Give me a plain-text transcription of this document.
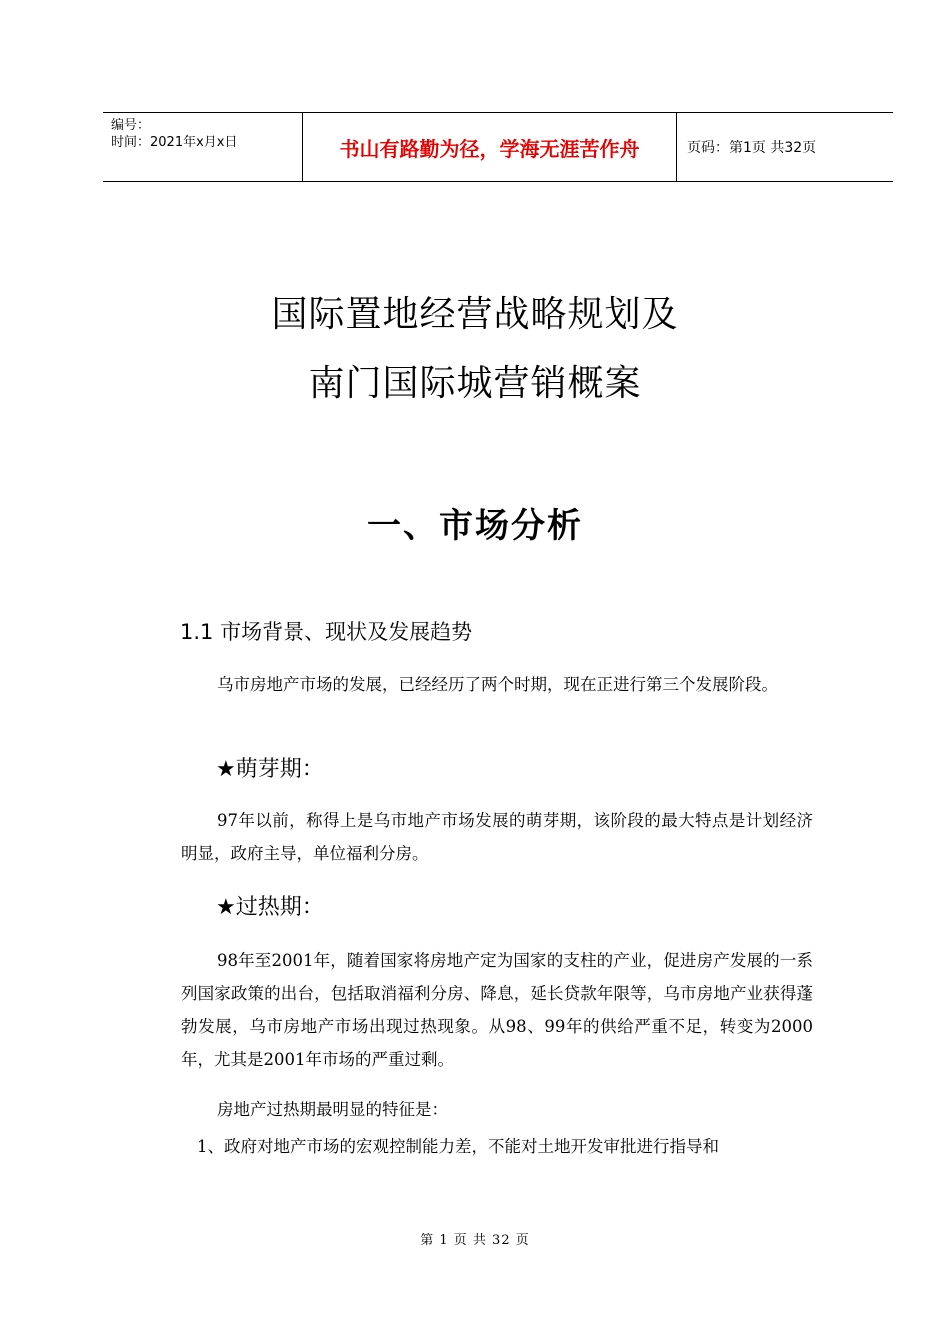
编号：
时间：2021年x月x日	书山有路勤为径，学海无涯苦作舟	页码：第1页 共32页
国际置地经营战略规划及
南门国际城营销概案
一、市场分析
1.1 市场背景、现状及发展趋势
乌市房地产市场的发展，已经经历了两个时期，现在正进行第三个发展阶段。
★萌芽期：
97年以前，称得上是乌市地产市场发展的萌芽期，该阶段的最大特点是计划经济明显，政府主导，单位福利分房。
★过热期：
98年至2001年，随着国家将房地产定为国家的支柱的产业，促进房产发展的一系列国家政策的出台，包括取消福利分房、降息，延长贷款年限等，乌市房地产业获得蓬勃发展，乌市房地产市场出现过热现象。从98、99年的供给严重不足，转变为2000年，尤其是2001年市场的严重过剩。
房地产过热期最明显的特征是：
1、政府对地产市场的宏观控制能力差，不能对土地开发审批进行指导和
第 1 页 共 32 页
